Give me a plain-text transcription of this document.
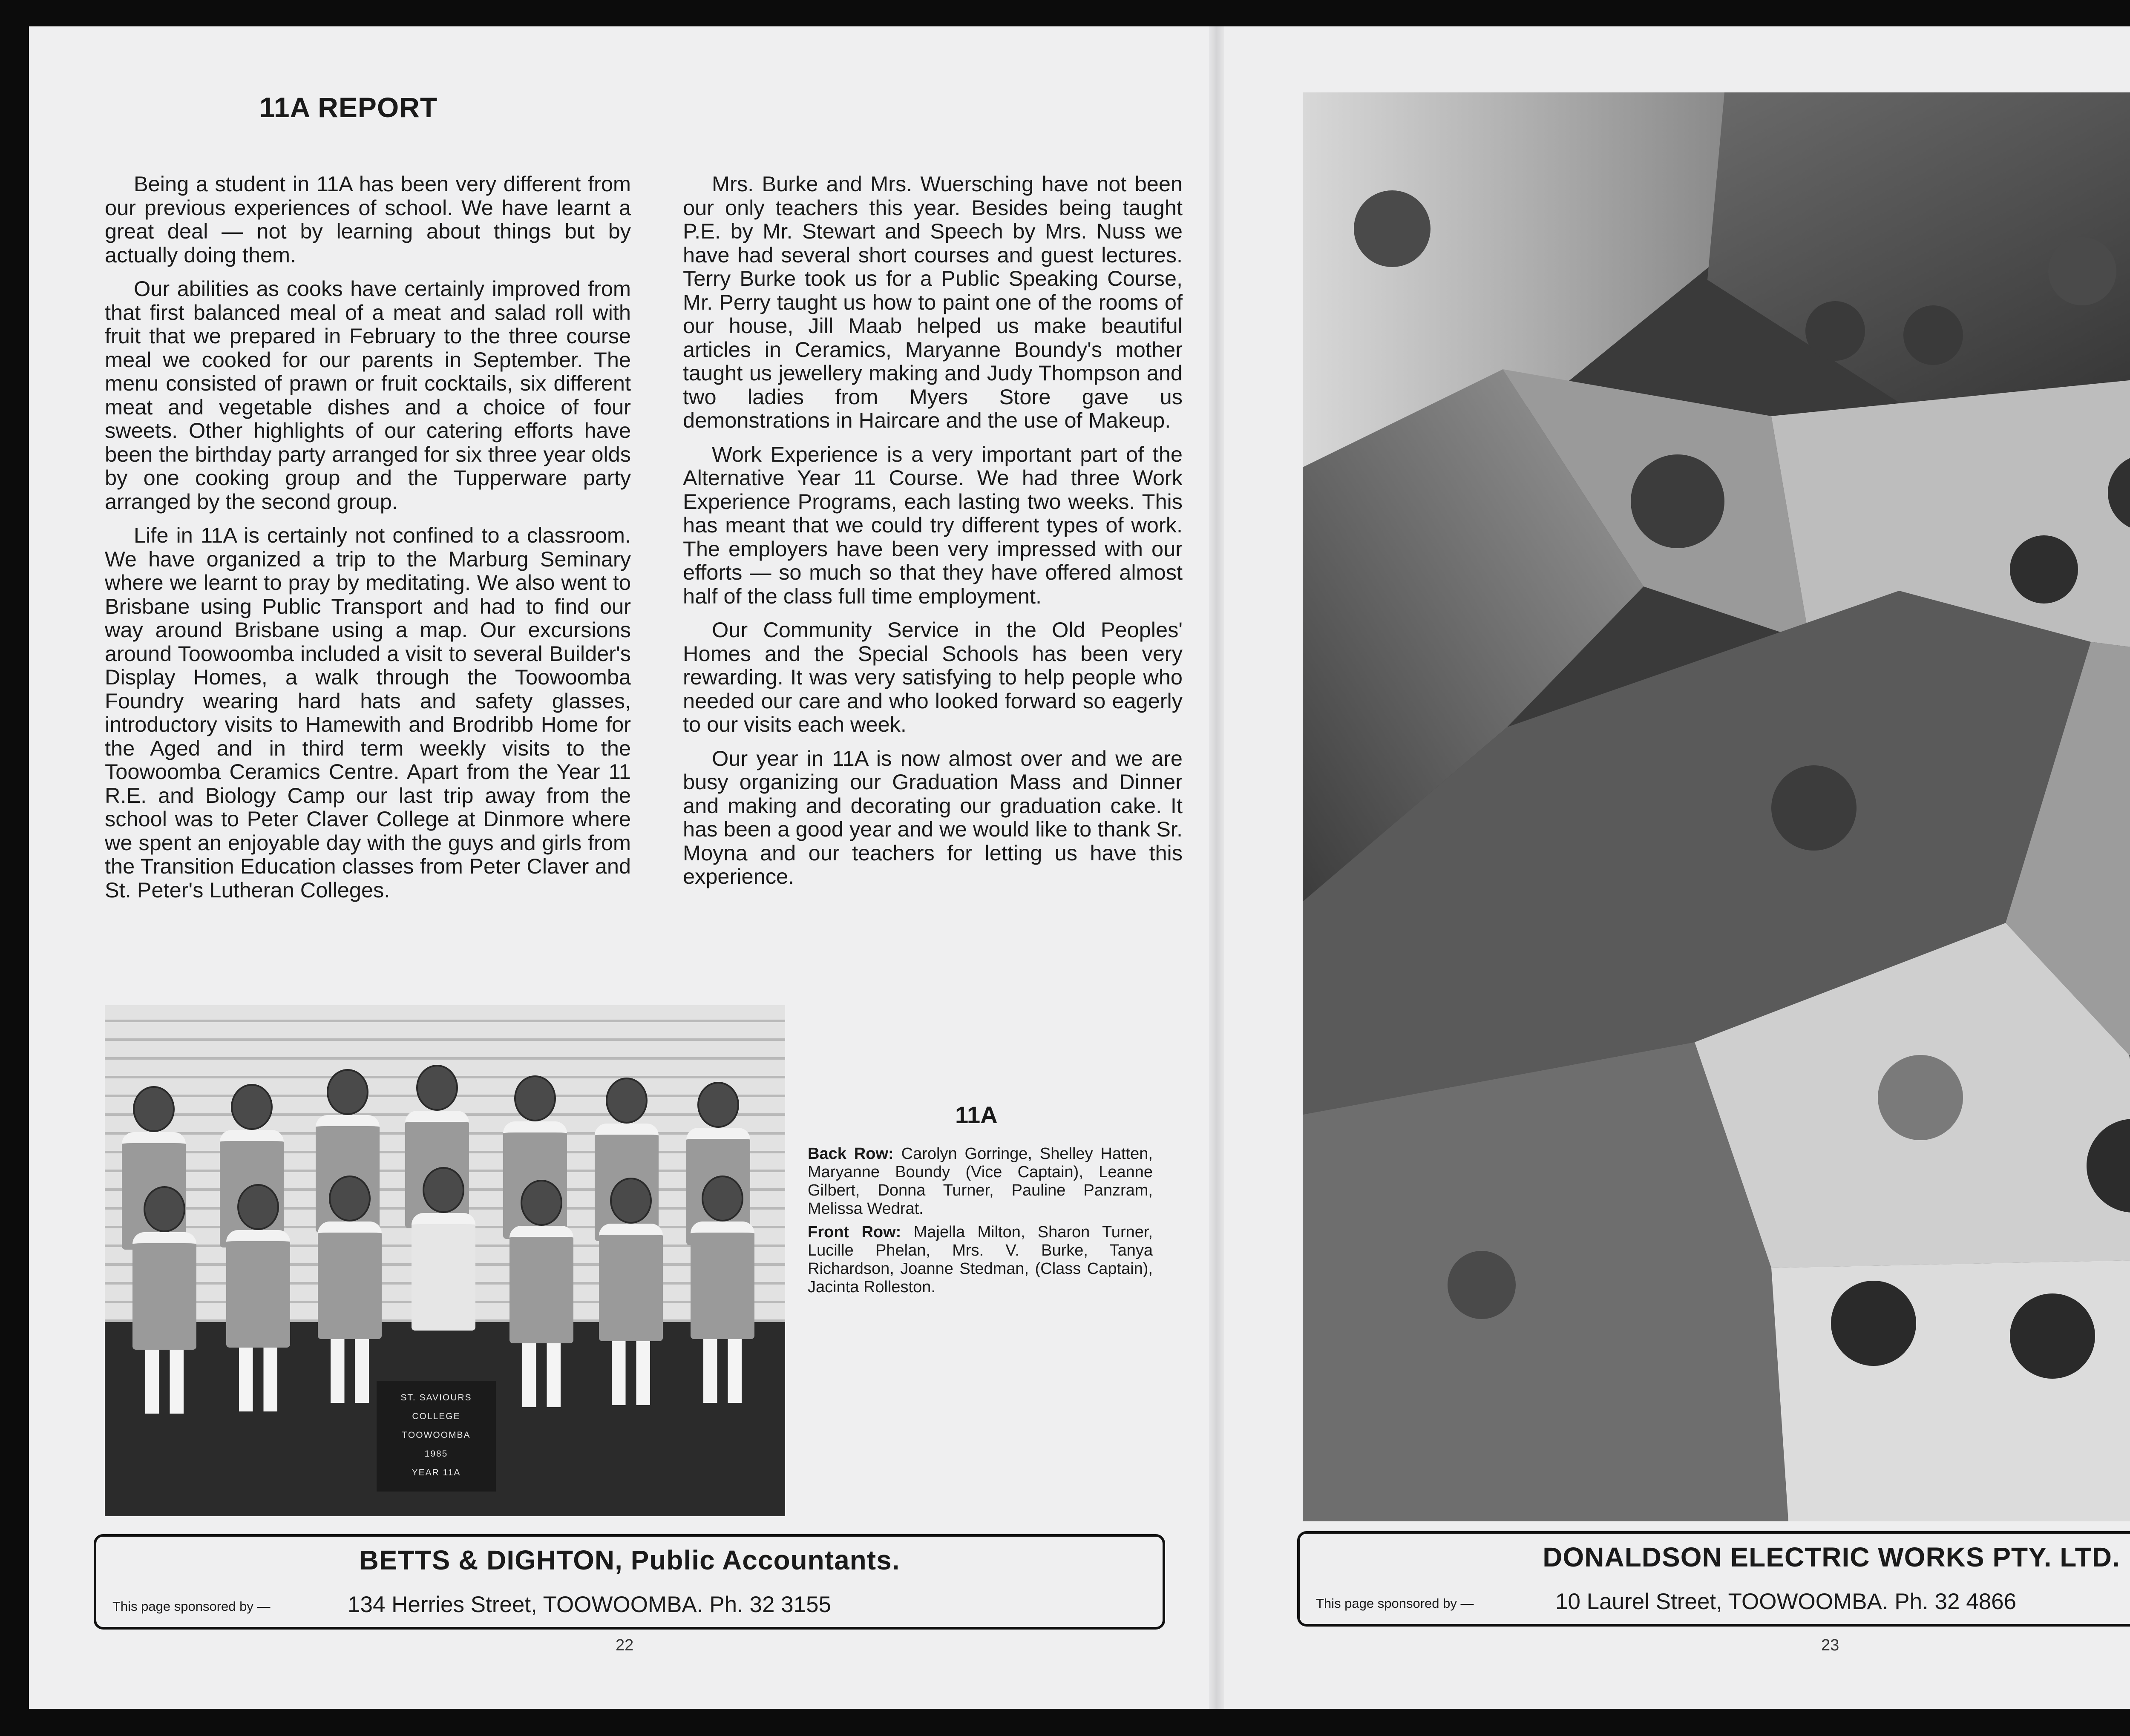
11A REPORT

Being a student in 11A has been very different from our previous experiences of school. We have learnt a great deal — not by learning about things but by actually doing them.

Our abilities as cooks have certainly improved from that first balanced meal of a meat and salad roll with fruit that we prepared in February to the three course meal we cooked for our parents in September. The menu consisted of prawn or fruit cocktails, six different meat and vegetable dishes and a choice of four sweets. Other highlights of our catering efforts have been the birthday party arranged for six three year olds by one cooking group and the Tupperware party arranged by the second group.

Life in 11A is certainly not confined to a classroom. We have organized a trip to the Marburg Seminary where we learnt to pray by meditating. We also went to Brisbane using Public Transport and had to find our way around Brisbane using a map. Our excursions around Toowoomba included a visit to several Builder's Display Homes, a walk through the Toowoomba Foundry wearing hard hats and safety glasses, introductory visits to Hamewith and Brodribb Home for the Aged and in third term weekly visits to the Toowoomba Ceramics Centre. Apart from the Year 11 R.E. and Biology Camp our last trip away from the school was to Peter Claver College at Dinmore where we spent an enjoyable day with the guys and girls from the Transition Education classes from Peter Claver and St. Peter's Lutheran Colleges.

Mrs. Burke and Mrs. Wuersching have not been our only teachers this year. Besides being taught P.E. by Mr. Stewart and Speech by Mrs. Nuss we have had several short courses and guest lectures. Terry Burke took us for a Public Speaking Course, Mr. Perry taught us how to paint one of the rooms of our house, Jill Maab helped us make beautiful articles in Ceramics, Maryanne Boundy's mother taught us jewellery making and Judy Thompson and two ladies from Myers Store gave us demonstrations in Haircare and the use of Makeup.

Work Experience is a very important part of the Alternative Year 11 Course. We had three Work Experience Programs, each lasting two weeks. This has meant that we could try different types of work. The employers have been very impressed with our efforts — so much so that they have offered almost half of the class full time employment.

Our Community Service in the Old Peoples' Homes and the Special Schools has been very rewarding. It was very satisfying to help people who needed our care and who looked forward so eagerly to our visits each week.

Our year in 11A is now almost over and we are busy organizing our Graduation Mass and Dinner and making and decorating our graduation cake. It has been a good year and we would like to thank Sr. Moyna and our teachers for letting us have this experience.

ST. SAVIOURS
COLLEGE
TOOWOOMBA
1985
YEAR 11A
11A

Back Row: Carolyn Gorringe, Shelley Hatten, Maryanne Boundy (Vice Captain), Leanne Gilbert, Donna Turner, Pauline Panzram, Melissa Wedrat.

Front Row: Majella Milton, Sharon Turner, Lucille Phelan, Mrs. V. Burke, Tanya Richardson, Joanne Stedman, (Class Captain), Jacinta Rolleston.

BETTS & DIGHTON, Public Accountants.
This page sponsored by —	134 Herries Street, TOOWOOMBA. Ph. 32 3155
22
DONALDSON ELECTRIC WORKS PTY. LTD.
This page sponsored by —	10 Laurel Street, TOOWOOMBA. Ph. 32 4866
23
